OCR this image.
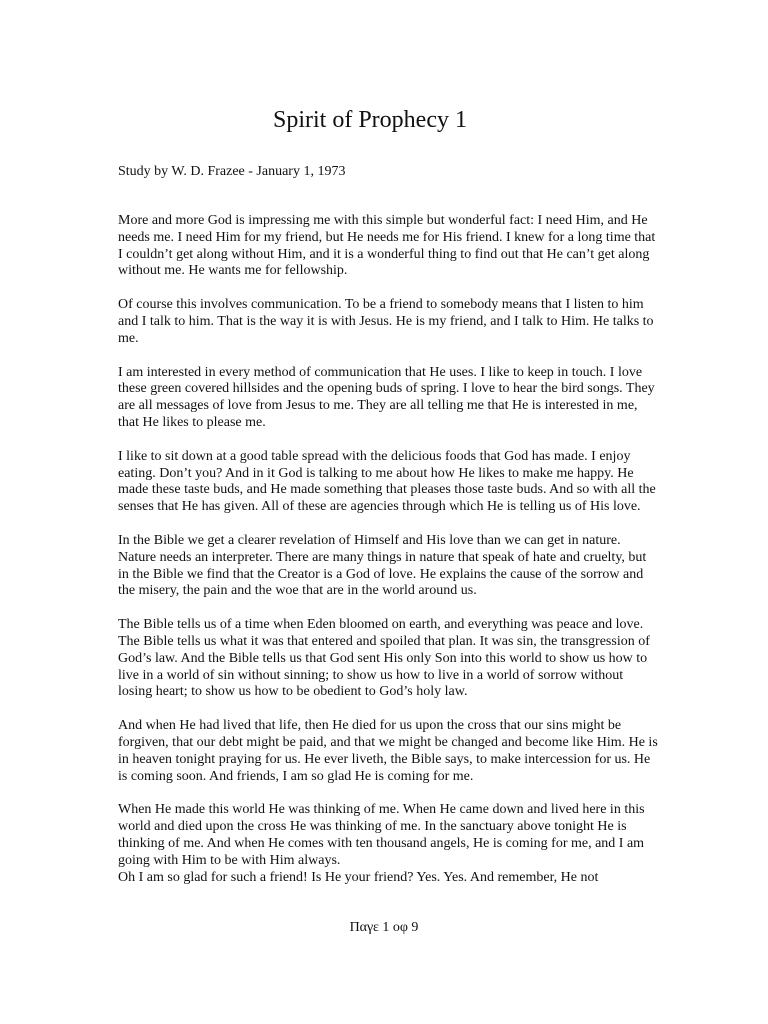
Spirit of Prophecy 1

Study by W. D. Frazee - January 1, 1973

More and more God is impressing me with this simple but wonderful fact: I need Him, and He needs me. I need Him for my friend, but He needs me for His friend. I knew for a long time that I couldn’t get along without Him, and it is a wonderful thing to find out that He can’t get along without me. He wants me for fellowship.

Of course this involves communication. To be a friend to somebody means that I listen to him and I talk to him. That is the way it is with Jesus. He is my friend, and I talk to Him. He talks to me.

I am interested in every method of communication that He uses. I like to keep in touch. I love these green covered hillsides and the opening buds of spring. I love to hear the bird songs. They are all messages of love from Jesus to me. They are all telling me that He is interested in me, that He likes to please me.

I like to sit down at a good table spread with the delicious foods that God has made. I enjoy eating. Don’t you? And in it God is talking to me about how He likes to make me happy. He made these taste buds, and He made something that pleases those taste buds. And so with all the senses that He has given. All of these are agencies through which He is telling us of His love.

In the Bible we get a clearer revelation of Himself and His love than we can get in nature. Nature needs an interpreter. There are many things in nature that speak of hate and cruelty, but in the Bible we find that the Creator is a God of love. He explains the cause of the sorrow and the misery, the pain and the woe that are in the world around us.

The Bible tells us of a time when Eden bloomed on earth, and everything was peace and love. The Bible tells us what it was that entered and spoiled that plan. It was sin, the transgression of God’s law. And the Bible tells us that God sent His only Son into this world to show us how to live in a world of sin without sinning; to show us how to live in a world of sorrow without losing heart; to show us how to be obedient to God’s holy law.

And when He had lived that life, then He died for us upon the cross that our sins might be forgiven, that our debt might be paid, and that we might be changed and become like Him. He is in heaven tonight praying for us. He ever liveth, the Bible says, to make intercession for us. He is coming soon. And friends, I am so glad He is coming for me.

When He made this world He was thinking of me. When He came down and lived here in this world and died upon the cross He was thinking of me. In the sanctuary above tonight He is thinking of me. And when He comes with ten thousand angels, He is coming for me, and I am going with Him to be with Him always.

Oh I am so glad for such a friend! Is He your friend? Yes. Yes. And remember, He not

Παγε 1 οφ 9
